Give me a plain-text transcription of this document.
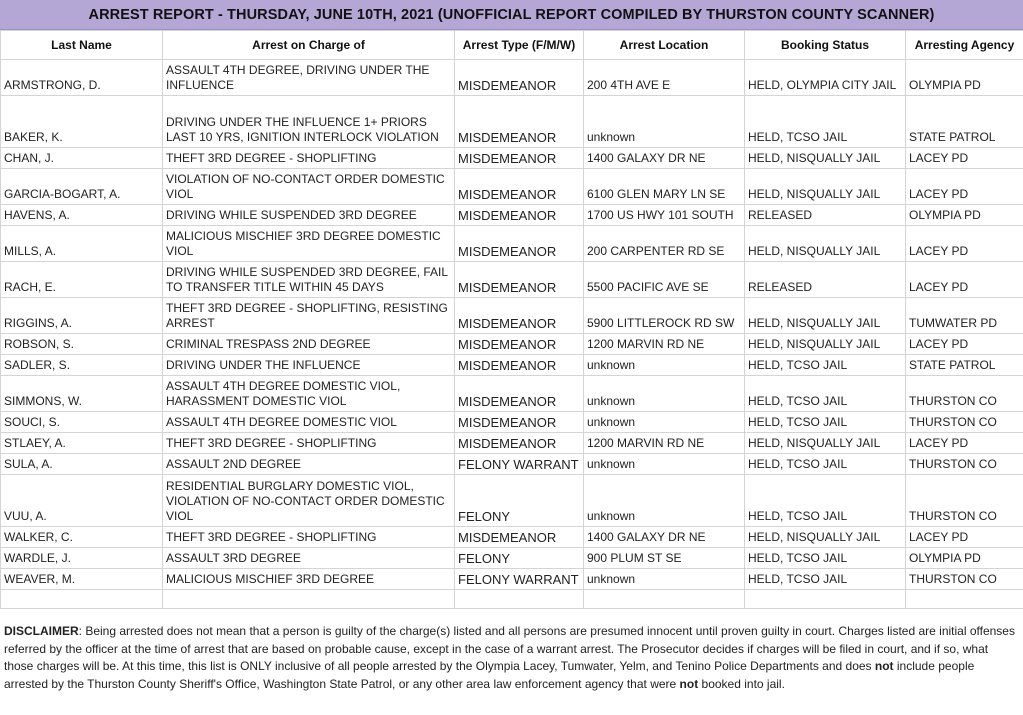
ARREST REPORT - THURSDAY, JUNE 10TH, 2021 (UNOFFICIAL REPORT COMPILED BY THURSTON COUNTY SCANNER)
Last Name	Arrest on Charge of	Arrest Type (F/M/W)	Arrest Location	Booking Status	Arresting Agency
ARMSTRONG, D.	ASSAULT 4TH DEGREE, DRIVING UNDER THE INFLUENCE	MISDEMEANOR	200 4TH AVE E	HELD, OLYMPIA CITY JAIL	OLYMPIA PD
BAKER, K.	DRIVING UNDER THE INFLUENCE 1+ PRIORS LAST 10 YRS, IGNITION INTERLOCK VIOLATION	MISDEMEANOR	unknown	HELD, TCSO JAIL	STATE PATROL
CHAN, J.	THEFT 3RD DEGREE - SHOPLIFTING	MISDEMEANOR	1400 GALAXY DR NE	HELD, NISQUALLY JAIL	LACEY PD
GARCIA-BOGART, A.	VIOLATION OF NO-CONTACT ORDER DOMESTIC VIOL	MISDEMEANOR	6100 GLEN MARY LN SE	HELD, NISQUALLY JAIL	LACEY PD
HAVENS, A.	DRIVING WHILE SUSPENDED 3RD DEGREE	MISDEMEANOR	1700 US HWY 101 SOUTH	RELEASED	OLYMPIA PD
MILLS, A.	MALICIOUS MISCHIEF 3RD DEGREE DOMESTIC VIOL	MISDEMEANOR	200 CARPENTER RD SE	HELD, NISQUALLY JAIL	LACEY PD
RACH, E.	DRIVING WHILE SUSPENDED 3RD DEGREE, FAIL TO TRANSFER TITLE WITHIN 45 DAYS	MISDEMEANOR	5500 PACIFIC AVE SE	RELEASED	LACEY PD
RIGGINS, A.	THEFT 3RD DEGREE - SHOPLIFTING, RESISTING ARREST	MISDEMEANOR	5900 LITTLEROCK RD SW	HELD, NISQUALLY JAIL	TUMWATER PD
ROBSON, S.	CRIMINAL TRESPASS 2ND DEGREE	MISDEMEANOR	1200 MARVIN RD NE	HELD, NISQUALLY JAIL	LACEY PD
SADLER, S.	DRIVING UNDER THE INFLUENCE	MISDEMEANOR	unknown	HELD, TCSO JAIL	STATE PATROL
SIMMONS, W.	ASSAULT 4TH DEGREE DOMESTIC VIOL, HARASSMENT DOMESTIC VIOL	MISDEMEANOR	unknown	HELD, TCSO JAIL	THURSTON CO
SOUCI, S.	ASSAULT 4TH DEGREE DOMESTIC VIOL	MISDEMEANOR	unknown	HELD, TCSO JAIL	THURSTON CO
STLAEY, A.	THEFT 3RD DEGREE - SHOPLIFTING	MISDEMEANOR	1200 MARVIN RD NE	HELD, NISQUALLY JAIL	LACEY PD
SULA, A.	ASSAULT 2ND DEGREE	FELONY WARRANT	unknown	HELD, TCSO JAIL	THURSTON CO
VUU, A.	RESIDENTIAL BURGLARY DOMESTIC VIOL, VIOLATION OF NO-CONTACT ORDER DOMESTIC VIOL	FELONY	unknown	HELD, TCSO JAIL	THURSTON CO
WALKER, C.	THEFT 3RD DEGREE - SHOPLIFTING	MISDEMEANOR	1400 GALAXY DR NE	HELD, NISQUALLY JAIL	LACEY PD
WARDLE, J.	ASSAULT 3RD DEGREE	FELONY	900 PLUM ST SE	HELD, TCSO JAIL	OLYMPIA PD
WEAVER, M.	MALICIOUS MISCHIEF 3RD DEGREE	FELONY WARRANT	unknown	HELD, TCSO JAIL	THURSTON CO

DISCLAIMER: Being arrested does not mean that a person is guilty of the charge(s) listed and all persons are presumed innocent until proven guilty in court. Charges listed are initial offenses referred by the officer at the time of arrest that are based on probable cause, except in the case of a warrant arrest. The Prosecutor decides if charges will be filed in court, and if so, what those charges will be. At this time, this list is ONLY inclusive of all people arrested by the Olympia Lacey, Tumwater, Yelm, and Tenino Police Departments and does not include people arrested by the Thurston County Sheriff's Office, Washington State Patrol, or any other area law enforcement agency that were not booked into jail.
